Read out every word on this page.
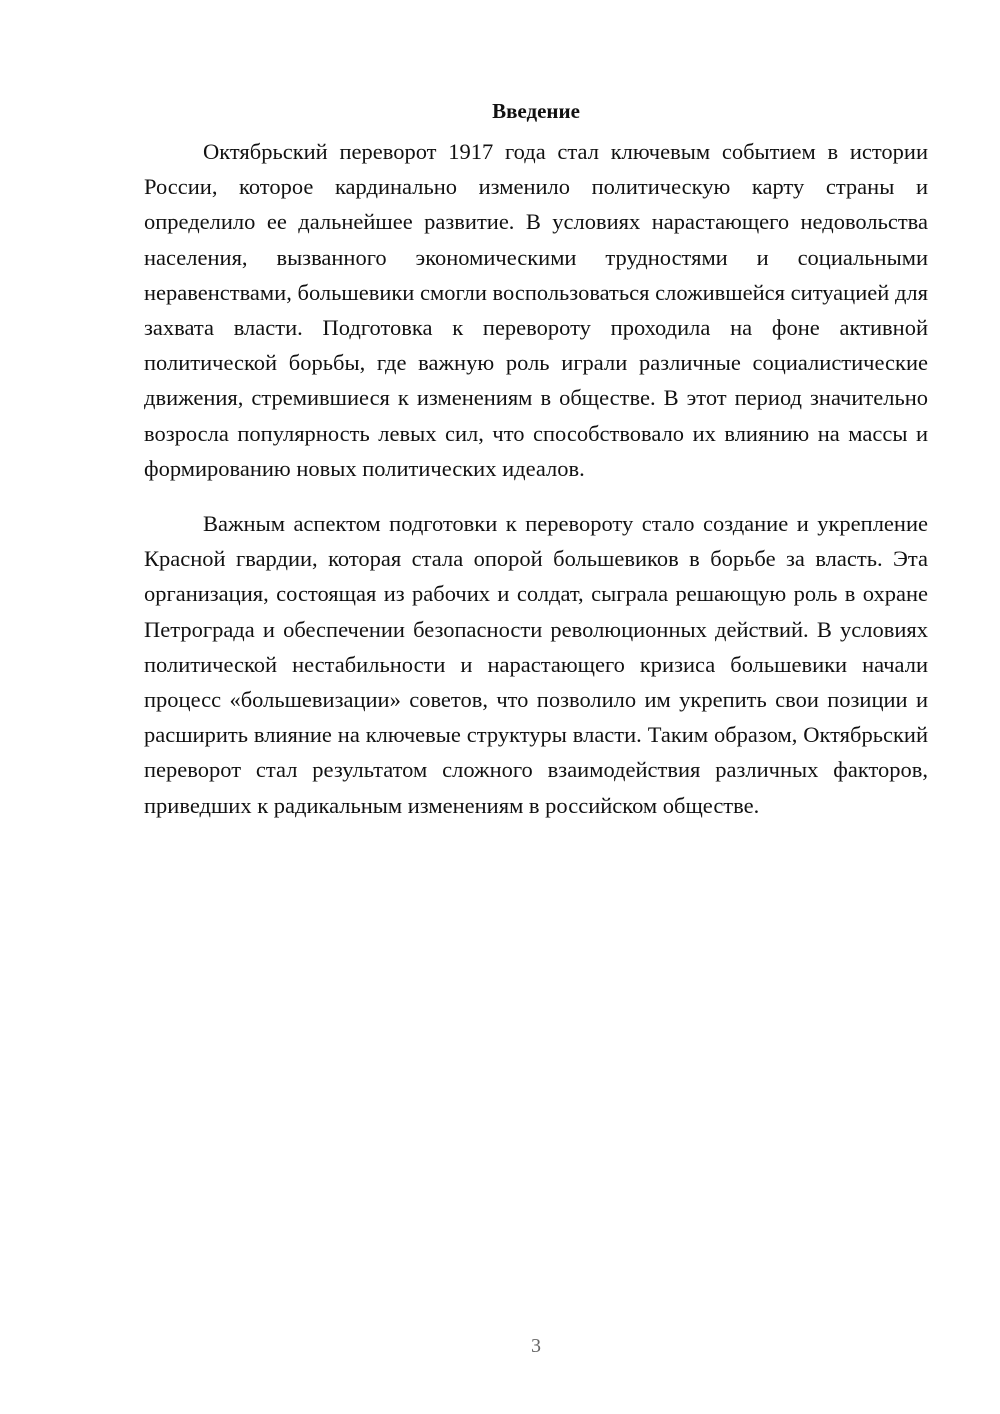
Введение

Октябрьский переворот 1917 года стал ключевым событием в истории России, которое кардинально изменило политическую карту страны и определило ее дальнейшее развитие. В условиях нарастающего недовольства населения, вызванного экономическими трудностями и социальными неравенствами, большевики смогли воспользоваться сложившейся ситуацией для захвата власти. Подготовка к перевороту проходила на фоне активной политической борьбы, где важную роль играли различные социалистические движения, стремившиеся к изменениям в обществе. В этот период значительно возросла популярность левых сил, что способствовало их влиянию на массы и формированию новых политических идеалов.

Важным аспектом подготовки к перевороту стало создание и укрепление Красной гвардии, которая стала опорой большевиков в борьбе за власть. Эта организация, состоящая из рабочих и солдат, сыграла решающую роль в охране Петрограда и обеспечении безопасности революционных действий. В условиях политической нестабильности и нарастающего кризиса большевики начали процесс «большевизации» советов, что позволило им укрепить свои позиции и расширить влияние на ключевые структуры власти. Таким образом, Октябрьский переворот стал результатом сложного взаимодействия различных факторов, приведших к радикальным изменениям в российском обществе.

3
